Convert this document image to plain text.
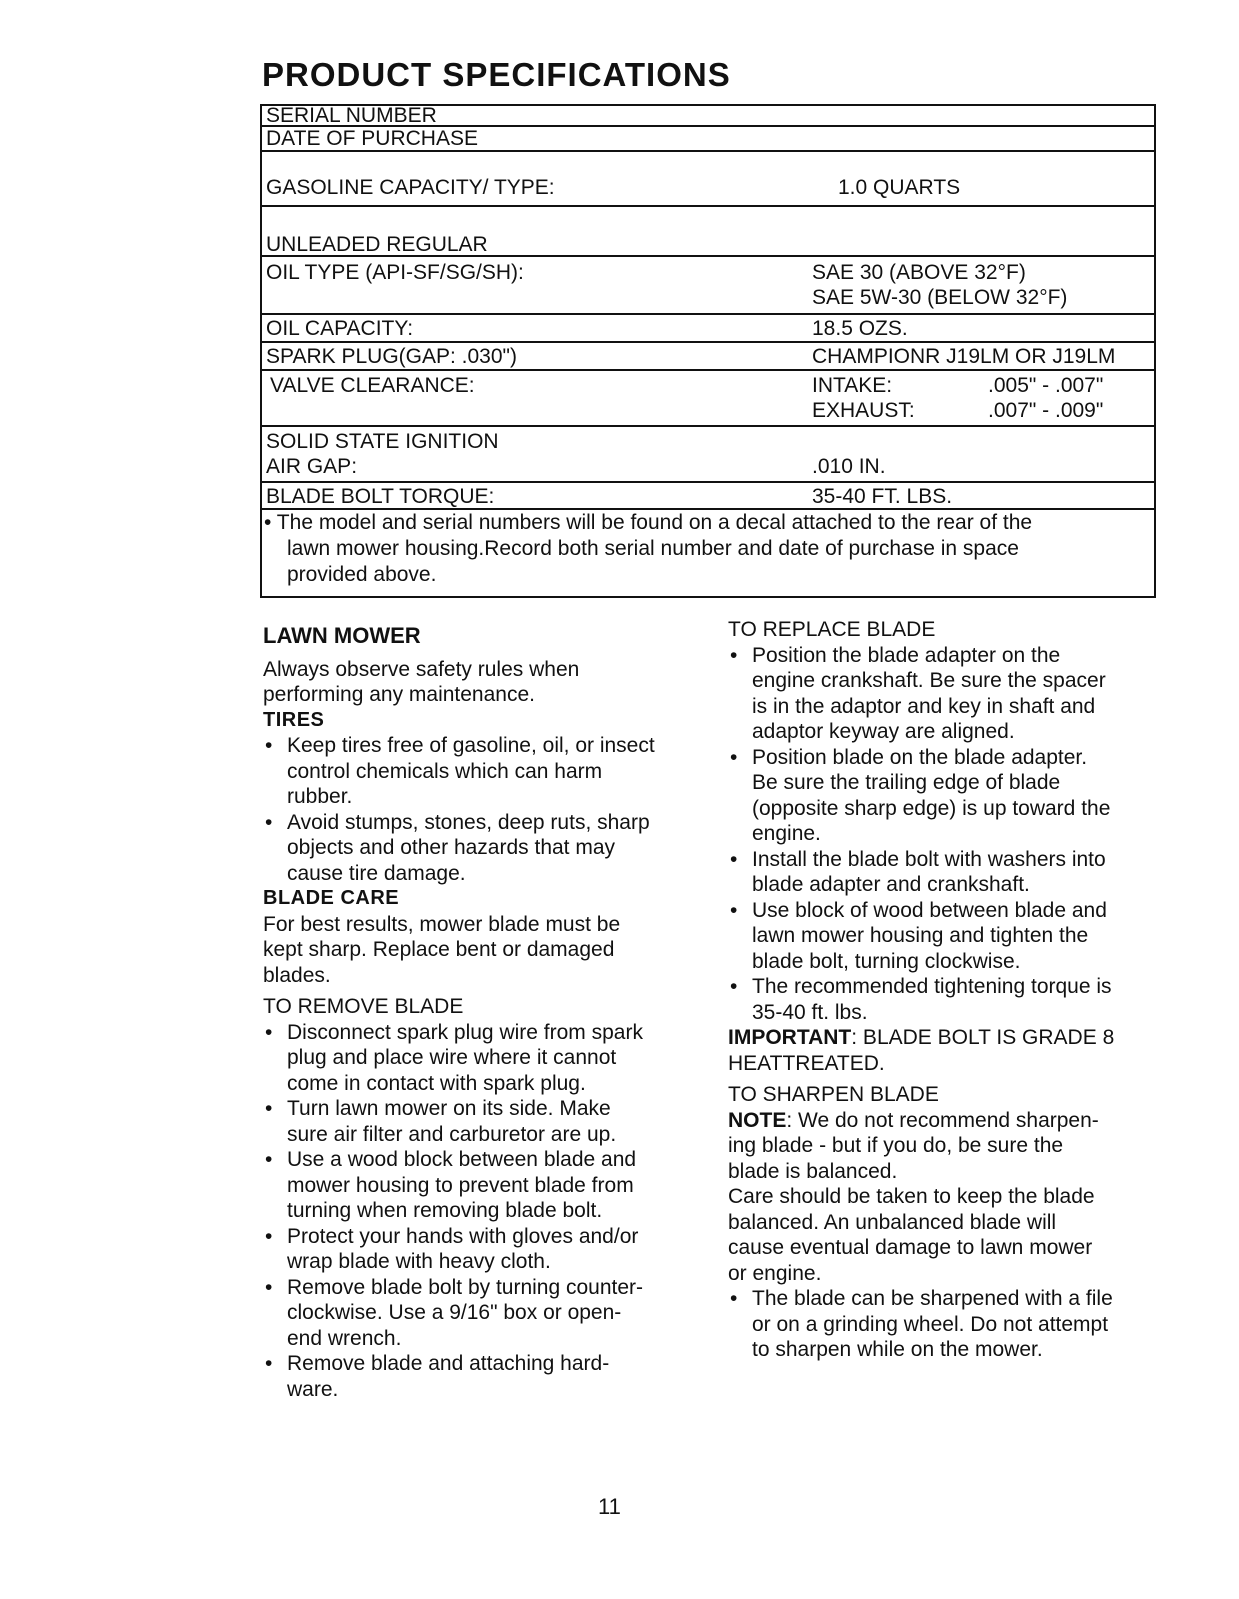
PRODUCT SPECIFICATIONS
SERIAL NUMBER
DATE OF PURCHASE
GASOLINE CAPACITY/ TYPE:	1.0 QUARTS
UNLEADED REGULAR
OIL TYPE (API-SF/SG/SH):	SAE 30 (ABOVE 32°F)
SAE 5W-30 (BELOW 32°F)
OIL CAPACITY:	18.5 OZS.
SPARK PLUG(GAP: .030")	CHAMPIONR J19LM OR J19LM
VALVE CLEARANCE:	INTAKE:	.005" - .007"
EXHAUST:	.007" - .009"
SOLID STATE IGNITION
AIR GAP:	.010 IN.
BLADE BOLT TORQUE:	35-40 FT. LBS.
• The model and serial numbers will be found on a decal attached to the rear of the
lawn mower housing.Record both serial number and date of purchase in space
provided above.
LAWN MOWER

Always observe safety rules when

performing any maintenance.

TIRES
• Keep tires free of gasoline, oil, or insect
control chemicals which can harm
rubber.
• Avoid stumps, stones, deep ruts, sharp
objects and other hazards that may
cause tire damage.
BLADE CARE

For best results, mower blade must be

kept sharp. Replace bent or damaged

blades.

TO REMOVE BLADE

• Disconnect spark plug wire from spark
plug and place wire where it cannot
come in contact with spark plug.
• Turn lawn mower on its side. Make
sure air filter and carburetor are up.
• Use a wood block between blade and
mower housing to prevent blade from
turning when removing blade bolt.
• Protect your hands with gloves and/or
wrap blade with heavy cloth.
• Remove blade bolt by turning counter-
clockwise. Use a 9/16" box or open-
end wrench.
• Remove blade and attaching hard-
ware.

TO REPLACE BLADE

• Position the blade adapter on the
engine crankshaft. Be sure the spacer
is in the adaptor and key in shaft and
adaptor keyway are aligned.
• Position blade on the blade adapter.
Be sure the trailing edge of blade
(opposite sharp edge) is up toward the
engine.
• Install the blade bolt with washers into
blade adapter and crankshaft.
• Use block of wood between blade and
lawn mower housing and tighten the
blade bolt, turning clockwise.
• The recommended tightening torque is
35-40 ft. lbs.

IMPORTANT: BLADE BOLT IS GRADE 8

HEATTREATED.

TO SHARPEN BLADE

NOTE: We do not recommend sharpen-

ing blade - but if you do, be sure the

blade is balanced.

Care should be taken to keep the blade

balanced. An unbalanced blade will

cause eventual damage to lawn mower

or engine.

• The blade can be sharpened with a file
or on a grinding wheel. Do not attempt
to sharpen while on the mower.
11
